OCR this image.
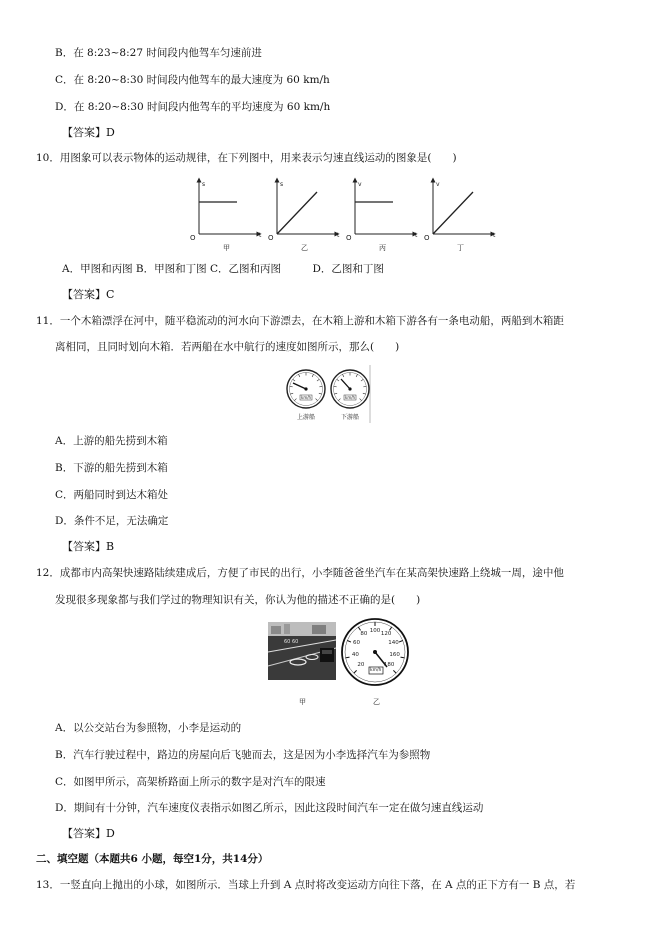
B．在 8:23~8:27 时间段内他驾车匀速前进
C．在 8:20~8:30 时间段内他驾车的最大速度为 60 km/h
D．在 8:20~8:30 时间段内他驾车的平均速度为 60 km/h
【答案】D
10．用图象可以表示物体的运动规律，在下列图中，用来表示匀速直线运动的图象是(　　)
s
t
O
甲
s
t
O
乙
v
t
O
丙
v
t
O
丁
A．甲图和丙图 B．甲图和丁图 C．乙图和丙图　　　D．乙图和丁图
【答案】C
11．一个木箱漂浮在河中，随平稳流动的河水向下游漂去，在木箱上游和木箱下游各有一条电动船，两船到木箱距
离相同，且同时划向木箱．若两船在水中航行的速度如图所示，那么(　　)
km/h	km/h
上游船	下游船
A．上游的船先捞到木箱
B．下游的船先捞到木箱
C．两船同时到达木箱处
D．条件不足，无法确定
【答案】B
12．成都市内高架快速路陆续建成后，方便了市民的出行，小李随爸爸坐汽车在某高架快速路上绕城一周，途中他
发现很多现象都与我们学过的物理知识有关，你认为他的描述不正确的是(　　)
60 60
km/h
20
40
60
80
100
120
140
160
180
甲	乙
A．以公交站台为参照物，小李是运动的
B．汽车行驶过程中，路边的房屋向后飞驰而去，这是因为小李选择汽车为参照物
C．如图甲所示，高架桥路面上所示的数字是对汽车的限速
D．期间有十分钟，汽车速度仪表指示如图乙所示，因此这段时间汽车一定在做匀速直线运动
【答案】D
二、填空题（本题共6 小题，每空1分，共14分）
13．一竖直向上抛出的小球，如图所示．当球上升到 A 点时将改变运动方向往下落，在 A 点的正下方有一 B 点，若
